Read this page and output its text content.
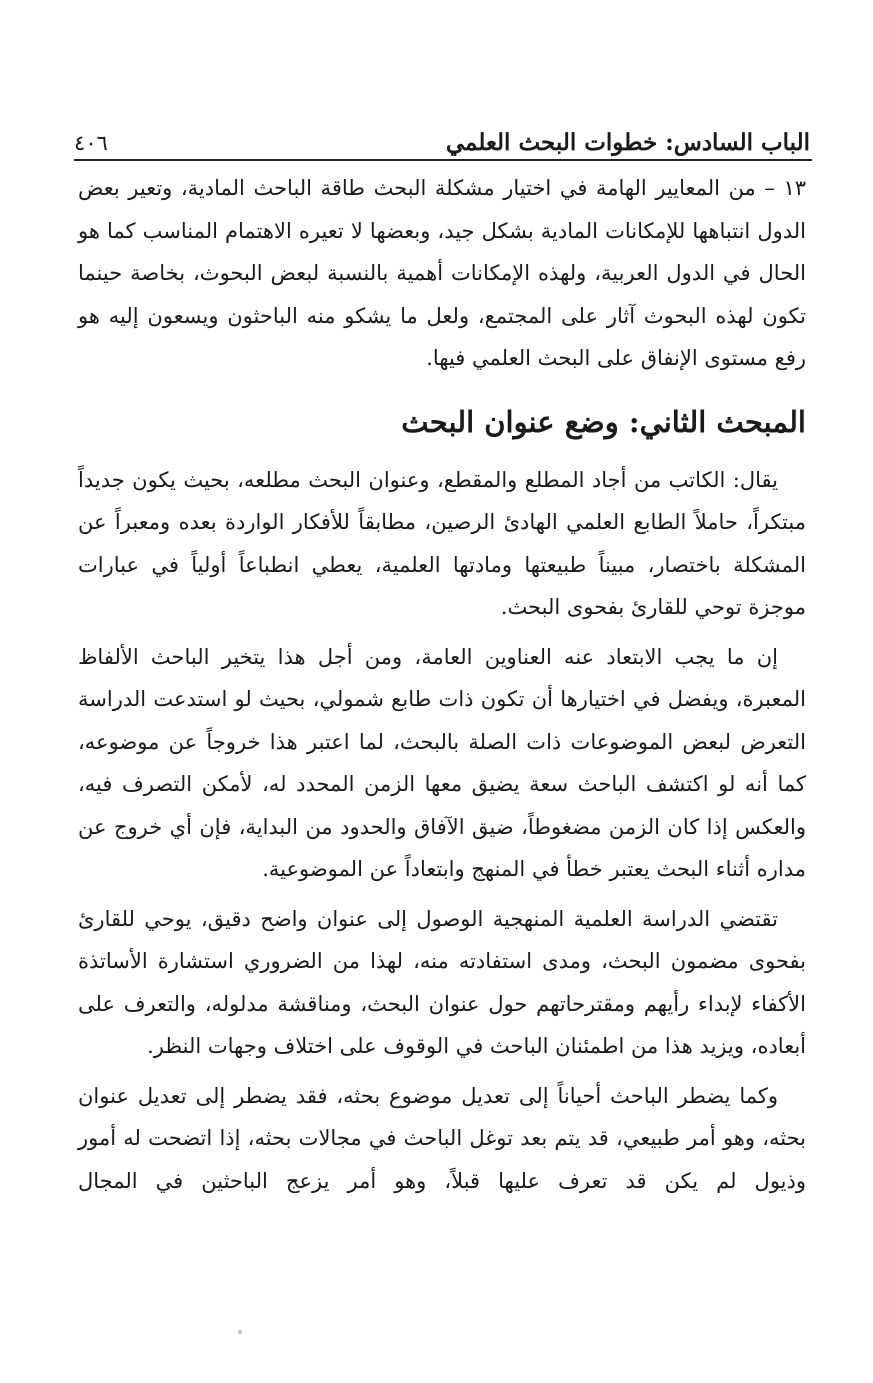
الباب السادس: خطوات البحث العلمي
٤٠٦

١٣ – من المعايير الهامة في اختيار مشكلة البحث طاقة الباحث المادية، وتعير بعض الدول انتباهها للإمكانات المادية بشكل جيد، وبعضها لا تعيره الاهتمام المناسب كما هو الحال في الدول العربية، ولهذه الإمكانات أهمية بالنسبة لبعض البحوث، بخاصة حينما تكون لهذه البحوث آثار على المجتمع، ولعل ما يشكو منه الباحثون ويسعون إليه هو رفع مستوى الإنفاق على البحث العلمي فيها.

المبحث الثاني: وضع عنوان البحث

يقال: الكاتب من أجاد المطلع والمقطع، وعنوان البحث مطلعه، بحيث يكون جديداً مبتكراً، حاملاً الطابع العلمي الهادئ الرصين، مطابقاً للأفكار الواردة بعده ومعبراً عن المشكلة باختصار، مبيناً طبيعتها ومادتها العلمية، يعطي انطباعاً أولياً في عبارات موجزة توحي للقارئ بفحوى البحث.

إن ما يجب الابتعاد عنه العناوين العامة، ومن أجل هذا يتخير الباحث الألفاظ المعبرة، ويفضل في اختيارها أن تكون ذات طابع شمولي، بحيث لو استدعت الدراسة التعرض لبعض الموضوعات ذات الصلة بالبحث، لما اعتبر هذا خروجاً عن موضوعه، كما أنه لو اكتشف الباحث سعة يضيق معها الزمن المحدد له، لأمكن التصرف فيه، والعكس إذا كان الزمن مضغوطاً، ضيق الآفاق والحدود من البداية، فإن أي خروج عن مداره أثناء البحث يعتبر خطأ في المنهج وابتعاداً عن الموضوعية.

تقتضي الدراسة العلمية المنهجية الوصول إلى عنوان واضح دقيق، يوحي للقارئ بفحوى مضمون البحث، ومدى استفادته منه، لهذا من الضروري استشارة الأساتذة الأكفاء لإبداء رأيهم ومقترحاتهم حول عنوان البحث، ومناقشة مدلوله، والتعرف على أبعاده، ويزيد هذا من اطمئنان الباحث في الوقوف على اختلاف وجهات النظر.

وكما يضطر الباحث أحياناً إلى تعديل موضوع بحثه، فقد يضطر إلى تعديل عنوان بحثه، وهو أمر طبيعي، قد يتم بعد توغل الباحث في مجالات بحثه، إذا اتضحت له أمور وذيول لم يكن قد تعرف عليها قبلاً، وهو أمر يزعج الباحثين في المجال
